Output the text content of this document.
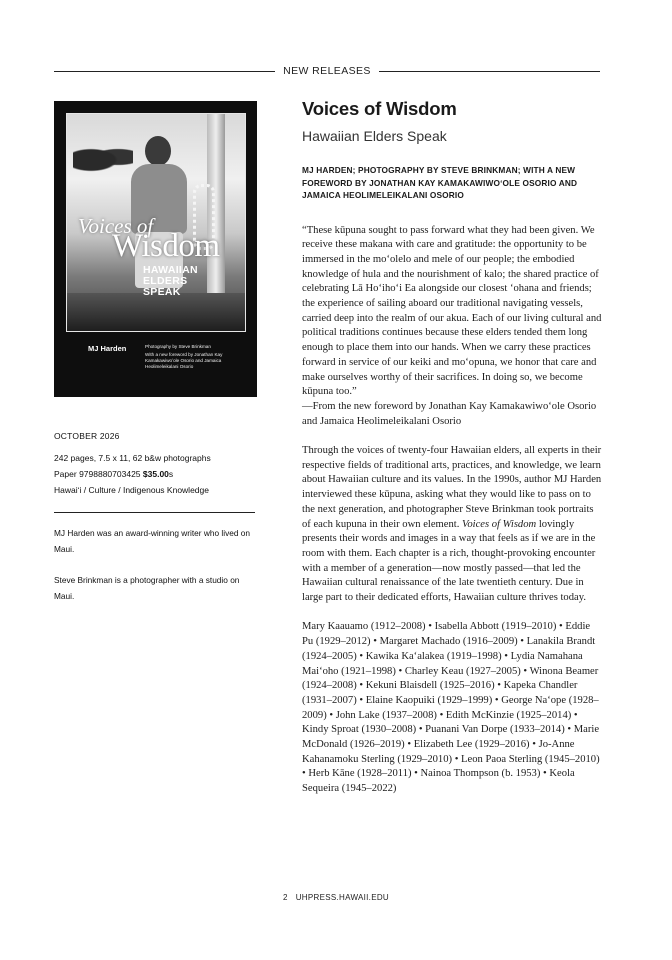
NEW RELEASES
Voices of
Wisdom
HAWAIIAN
ELDERS
SPEAK
MJ Harden	Photography by Steve Brinkman
With a new foreword by Jonathan Kay Kamakawiwoʻole Osorio and Jamaica Heolimeleikalani Osorio
OCTOBER 2026
242 pages, 7.5 x 11, 62 b&w photographs
Paper 9798880703425 $35.00s
Hawaiʻi / Culture / Indigenous Knowledge

MJ Harden was an award-winning writer who lived on Maui.

Steve Brinkman is a photographer with a studio on Maui.

Voices of Wisdom
Hawaiian Elders Speak
MJ HARDEN; PHOTOGRAPHY BY STEVE BRINKMAN; WITH A NEW FOREWORD BY JONATHAN KAY KAMAKAWIWOʻOLE OSORIO AND JAMAICA HEOLIMELEIKALANI OSORIO

“These kūpuna sought to pass forward what they had been given. We receive these makana with care and gratitude: the opportunity to be immersed in the moʻolelo and mele of our people; the embodied knowledge of hula and the nourishment of kalo; the shared practice of celebrating Lā Hoʻihoʻi Ea alongside our closest ʻohana and friends; the experience of sailing aboard our traditional navigating vessels, carried deep into the realm of our akua. Each of our living cultural and political traditions continues because these elders tended them long enough to place them into our hands. When we carry these practices forward in service of our keiki and moʻopuna, we honor that care and make ourselves worthy of their sacrifices. In doing so, we become kūpuna too.”
—From the new foreword by Jonathan Kay Kamakawiwoʻole Osorio and Jamaica Heolimeleikalani Osorio

Through the voices of twenty-four Hawaiian elders, all experts in their respective fields of traditional arts, practices, and knowledge, we learn about Hawaiian culture and its values. In the 1990s, author MJ Harden interviewed these kūpuna, asking what they would like to pass on to the next generation, and photographer Steve Brinkman took portraits of each kupuna in their own element. Voices of Wisdom lovingly presents their words and images in a way that feels as if we are in the room with them. Each chapter is a rich, thought-provoking encounter with a member of a generation—now mostly passed—that led the Hawaiian cultural renaissance of the late twentieth century. Due in large part to their dedicated efforts, Hawaiian culture thrives today.

Mary Kaauamo (1912–2008) • Isabella Abbott (1919–2010) • Eddie Pu (1929–2012) • Margaret Machado (1916–2009) • Lanakila Brandt (1924–2005) • Kawika Ka‘alakea (1919–1998) • Lydia Namahana Mai‘oho (1921–1998) • Charley Keau (1927–2005) • Winona Beamer (1924–2008) • Kekuni Blaisdell (1925–2016) • Kapeka Chandler (1931–2007) • Elaine Kaopuiki (1929–1999) • George Na‘ope (1928–2009) • John Lake (1937–2008) • Edith McKinzie (1925–2014) • Kindy Sproat (1930–2008) • Puanani Van Dorpe (1933–2014) • Marie McDonald (1926–2019) • Elizabeth Lee (1929–2016) • Jo-Anne Kahanamoku Sterling (1929–2010) • Leon Paoa Sterling (1945–2010) • Herb Kāne (1928–2011) • Nainoa Thompson (b. 1953) • Keola Sequeira (1945–2022)

2 UHPRESS.HAWAII.EDU
